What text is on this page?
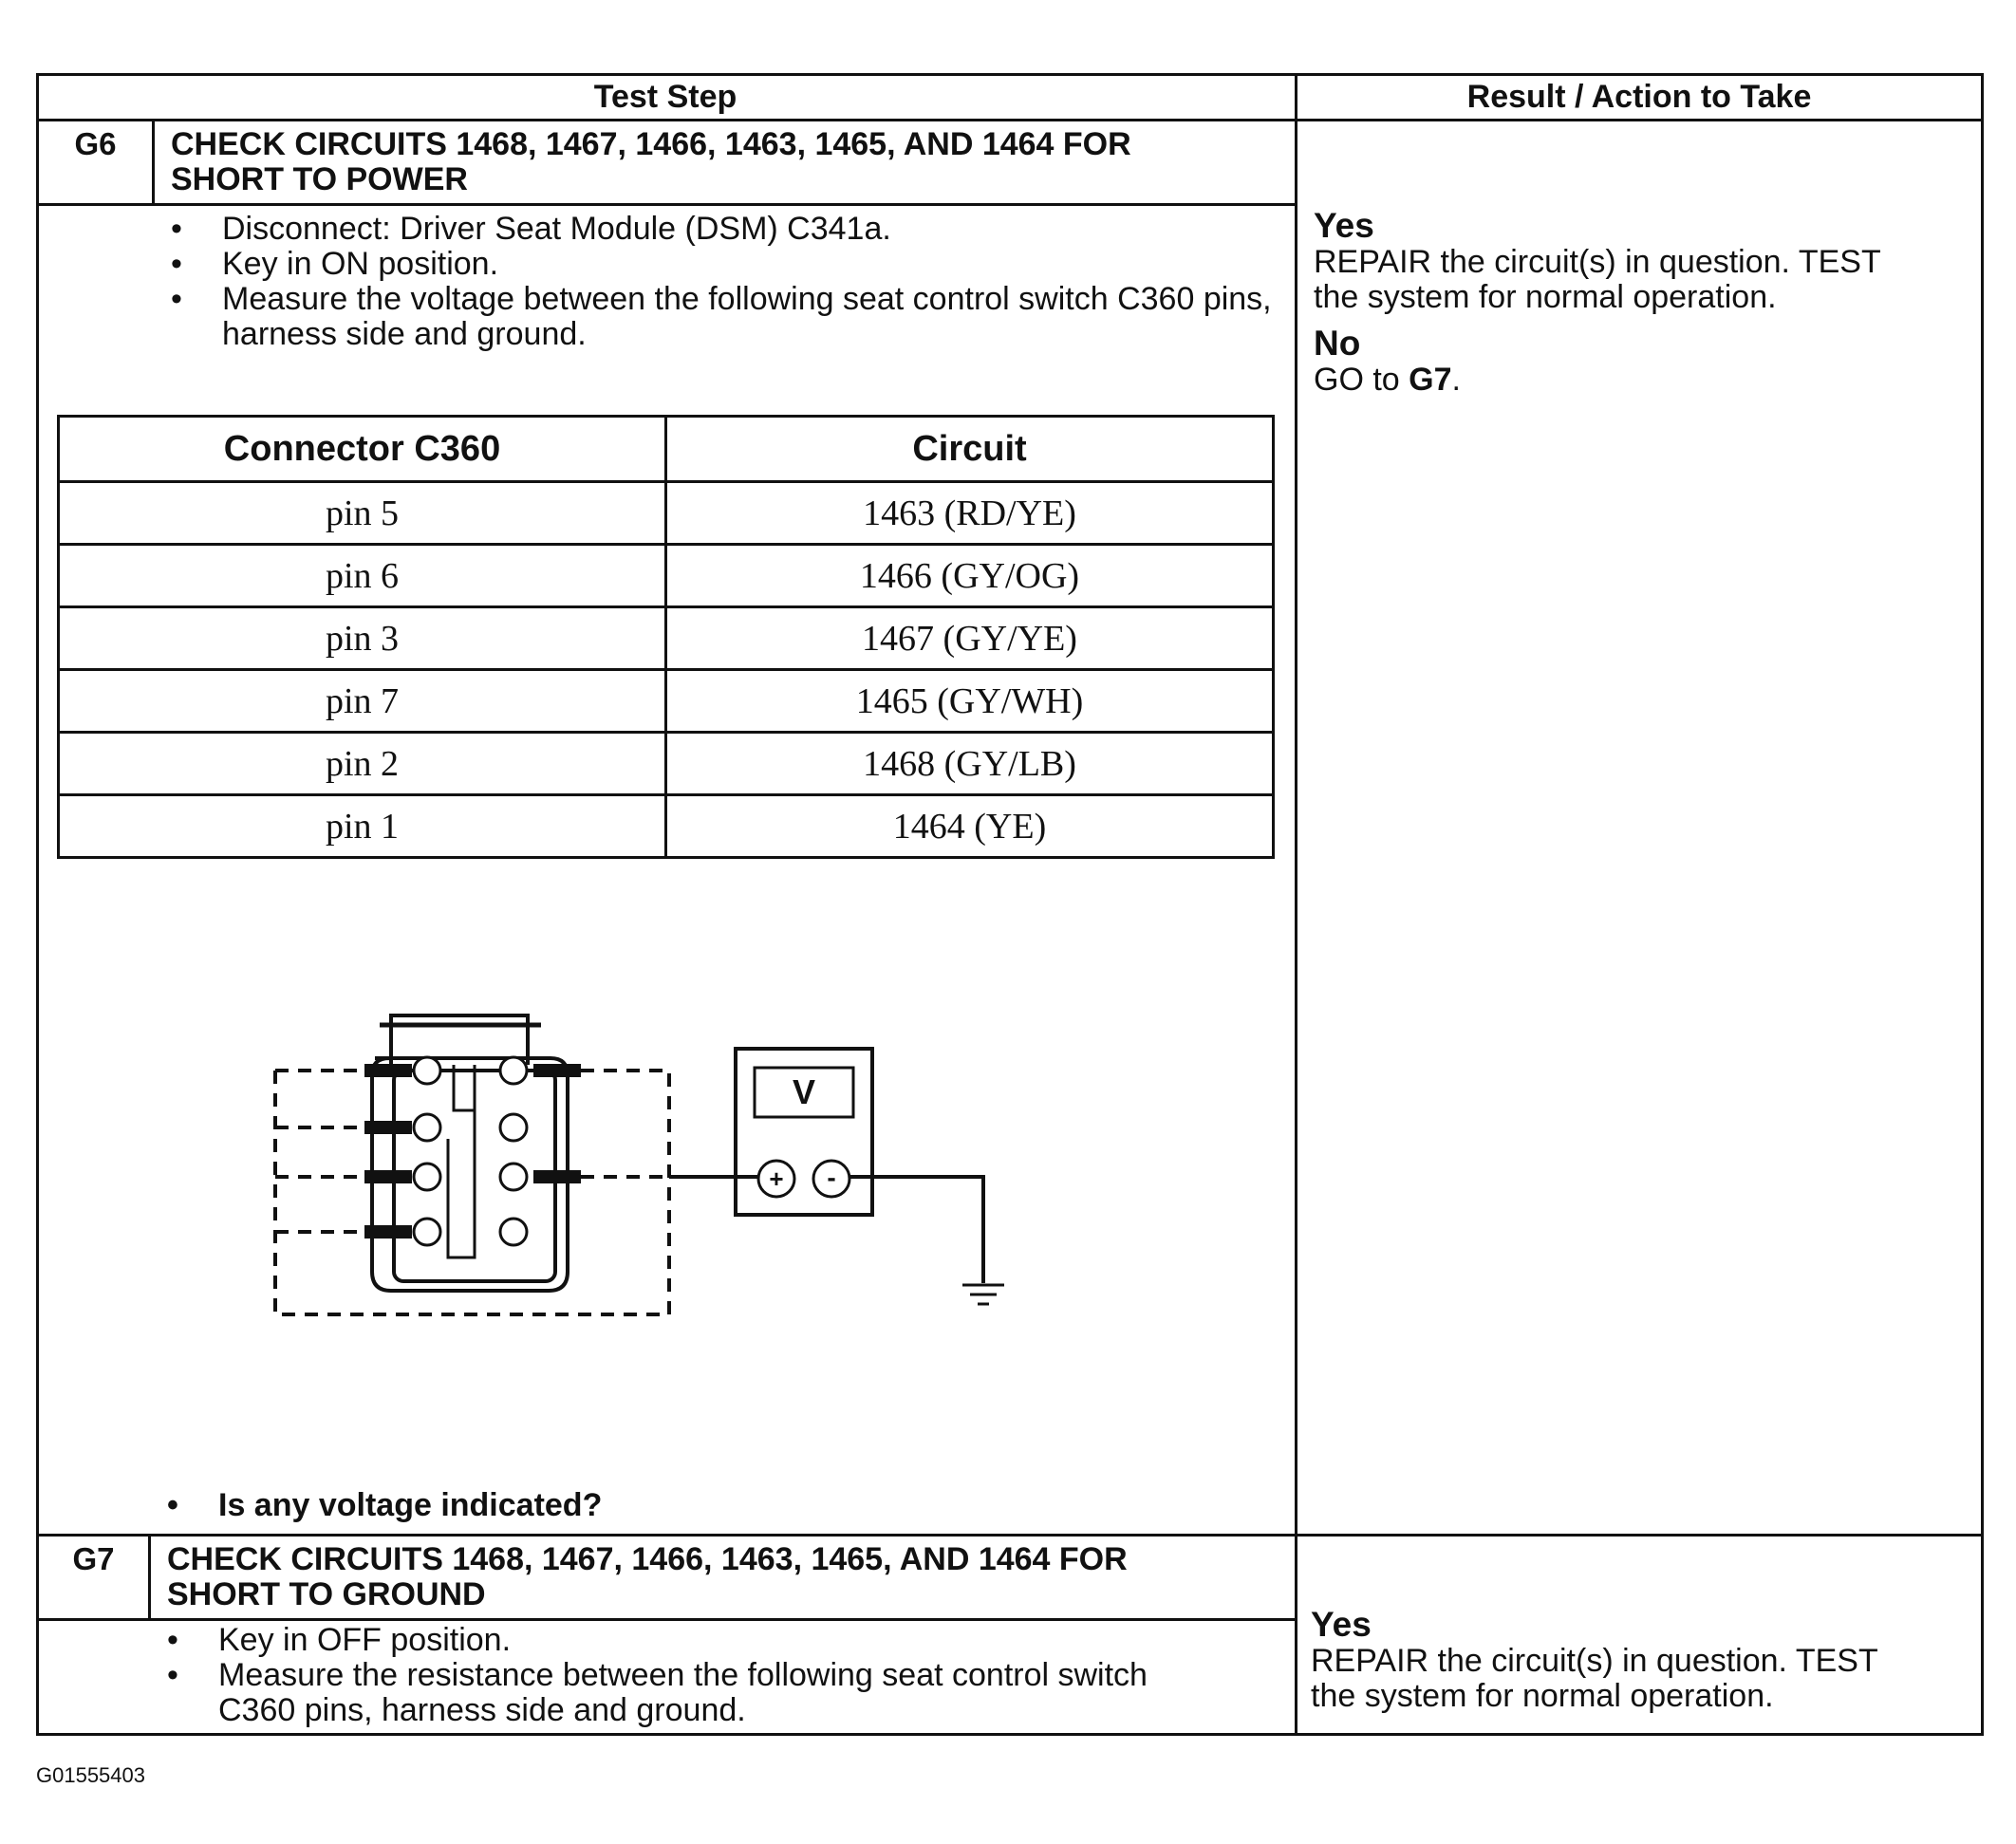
Test Step	Result / Action to Take
G6	CHECK CIRCUITS 1468, 1467, 1466, 1463, 1465, AND 1464 FOR
SHORT TO POWER
• Disconnect: Driver Seat Module (DSM) C341a.
• Key in ON position.
• Measure the voltage between the following seat control switch C360 pins, harness side and ground.
Connector C360	Circuit
pin 5	1463 (RD/YE)
pin 6	1466 (GY/OG)
pin 3	1467 (GY/YE)
pin 7	1465 (GY/WH)
pin 2	1468 (GY/LB)
pin 1	1464 (YE)
V
+ -
• Is any voltage indicated?
Yes
REPAIR the circuit(s) in question. TEST
the system for normal operation.
No
GO to G7.
G7	CHECK CIRCUITS 1468, 1467, 1466, 1463, 1465, AND 1464 FOR
SHORT TO GROUND
• Key in OFF position.
• Measure the resistance between the following seat control switch C360 pins, harness side and ground.
Yes
REPAIR the circuit(s) in question. TEST
the system for normal operation.
G01555403
